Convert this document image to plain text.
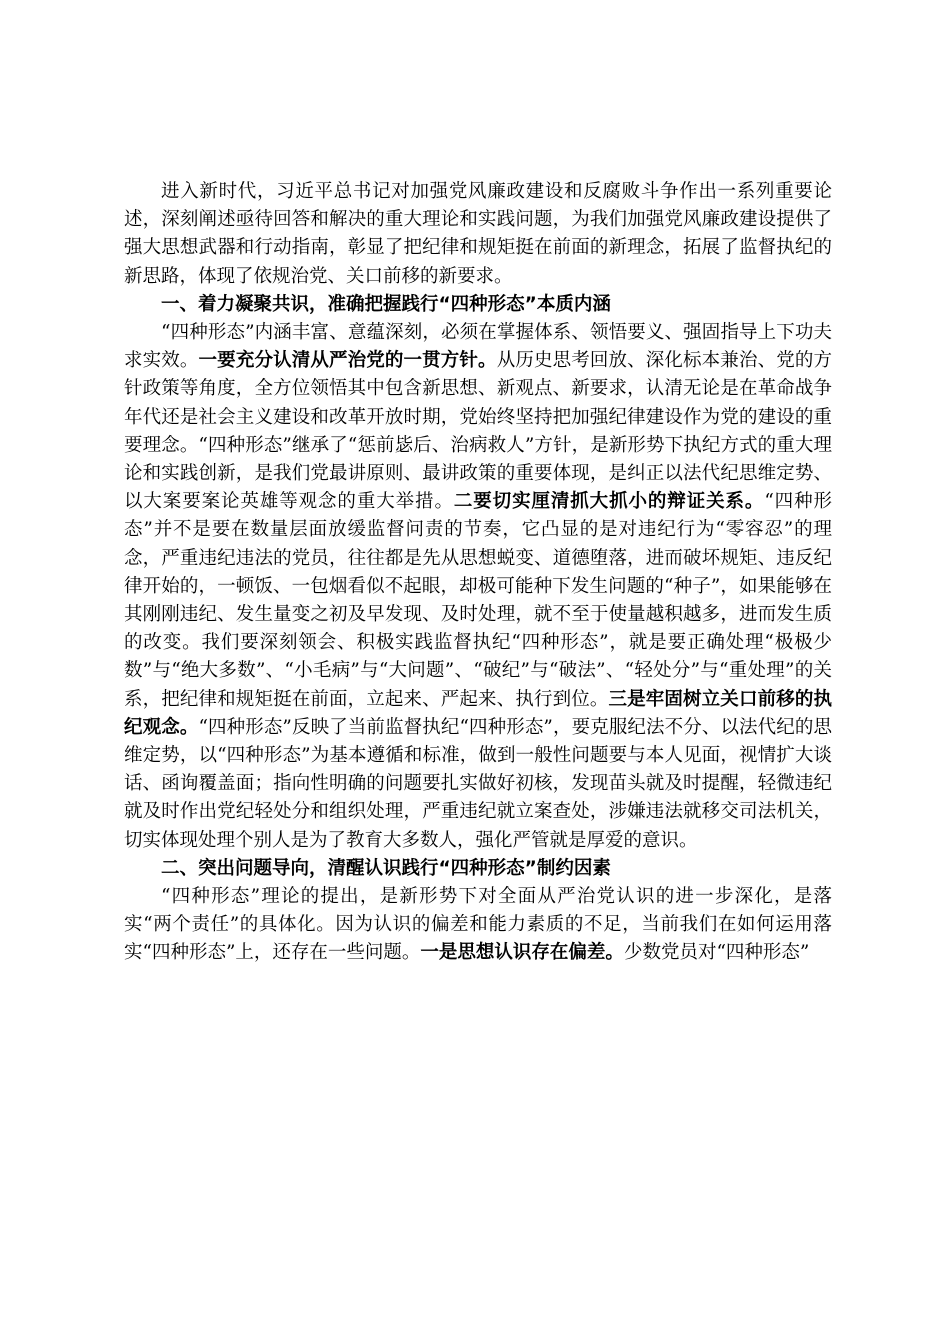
进入新时代，习近平总书记对加强党风廉政建设和反腐败斗争作出一系列重要论述，深刻阐述亟待回答和解决的重大理论和实践问题，为我们加强党风廉政建设提供了强大思想武器和行动指南，彰显了把纪律和规矩挺在前面的新理念，拓展了监督执纪的新思路，体现了依规治党、关口前移的新要求。

一、着力凝聚共识，准确把握践行“四种形态”本质内涵

“四种形态”内涵丰富、意蕴深刻，必须在掌握体系、领悟要义、强固指导上下功夫求实效。一要充分认清从严治党的一贯方针。从历史思考回放、深化标本兼治、党的方针政策等角度，全方位领悟其中包含新思想、新观点、新要求，认清无论是在革命战争年代还是社会主义建设和改革开放时期，党始终坚持把加强纪律建设作为党的建设的重要理念。“四种形态”继承了“惩前毖后、治病救人”方针，是新形势下执纪方式的重大理论和实践创新，是我们党最讲原则、最讲政策的重要体现，是纠正以法代纪思维定势、以大案要案论英雄等观念的重大举措。二要切实厘清抓大抓小的辩证关系。“四种形态”并不是要在数量层面放缓监督问责的节奏，它凸显的是对违纪行为“零容忍”的理念，严重违纪违法的党员，往往都是先从思想蜕变、道德堕落，进而破坏规矩、违反纪律开始的，一顿饭、一包烟看似不起眼，却极可能种下发生问题的“种子”，如果能够在其刚刚违纪、发生量变之初及早发现、及时处理，就不至于使量越积越多，进而发生质的改变。我们要深刻领会、积极实践监督执纪“四种形态”，就是要正确处理“极极少数”与“绝大多数”、“小毛病”与“大问题”、“破纪”与“破法”、“轻处分”与“重处理”的关系，把纪律和规矩挺在前面，立起来、严起来、执行到位。三是牢固树立关口前移的执纪观念。“四种形态”反映了当前监督执纪“四种形态”，要克服纪法不分、以法代纪的思维定势，以“四种形态”为基本遵循和标准，做到一般性问题要与本人见面，视情扩大谈话、函询覆盖面；指向性明确的问题要扎实做好初核，发现苗头就及时提醒，轻微违纪就及时作出党纪轻处分和组织处理，严重违纪就立案查处，涉嫌违法就移交司法机关，切实体现处理个别人是为了教育大多数人，强化严管就是厚爱的意识。

二、突出问题导向，清醒认识践行“四种形态”制约因素

“四种形态”理论的提出，是新形势下对全面从严治党认识的进一步深化，是落实“两个责任”的具体化。因为认识的偏差和能力素质的不足，当前我们在如何运用落实“四种形态”上，还存在一些问题。一是思想认识存在偏差。少数党员对“四种形态”
